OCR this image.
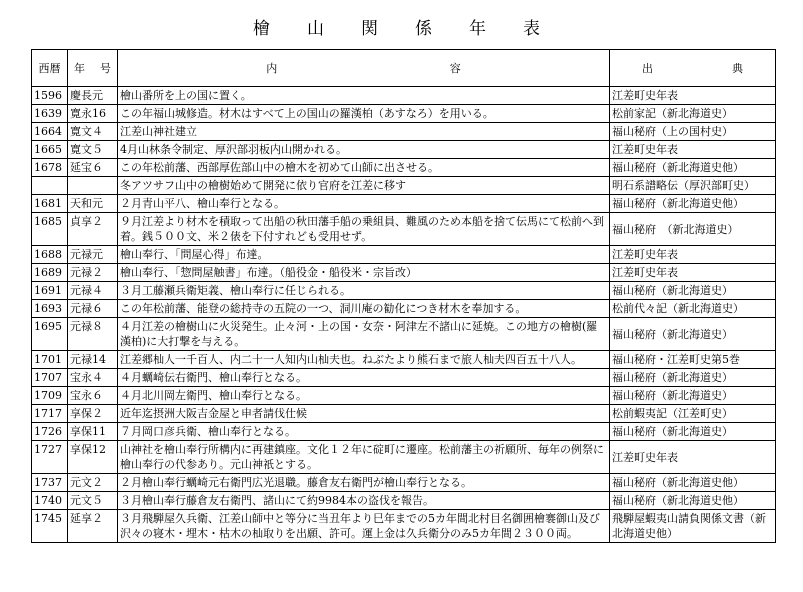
檜　山　関　係　年　表
西暦	年 号	内 容	出 典

1596	慶長元	檜山番所を上の国に置く。	江差町史年表
1639	寛永16	この年福山城修造。材木はすべて上の国山の羅漢柏（あすなろ）を用いる。	松前家記（新北海道史）
1664	寛文４	江差山神社建立	福山秘府（上の国村史）
1665	寛文５	4月山林条令制定、厚沢部羽板内山開かれる。	江差町史年表
1678	延宝６	この年松前藩、西部厚佐部山中の檜木を初めて山師に出させる。	福山秘府（新北海道史他）
		冬アツサフ山中の檜樹始めて開発に依り官府を江差に移す	明石系譜略伝（厚沢部町史）
1681	天和元	２月青山平八、檜山奉行となる。	福山秘府（新北海道史他）
1685	貞享２	９月江差より材木を積取って出船の秋田藩手船の乗組員、難風のため本船を捨て伝馬にて松前へ到着。銭５００文、米２俵を下付すれども受用せず。	福山秘府　（新北海道史）
1688	元禄元	檜山奉行、「問屋心得」布達。	江差町史年表
1689	元禄２	檜山奉行、「惣問屋触書」布達。（船役金・船役米・宗旨改）	江差町史年表
1691	元禄４	３月工藤瀬兵衛矩義、檜山奉行に任じられる。	福山秘府（新北海道史）
1693	元禄６	この年松前藩、能登の総持寺の五院の一つ、洞川庵の勧化につき材木を奉加する。	松前代々記（新北海道史）
1695	元禄８	４月江差の檜樹山に火災発生。止々河・上の国・女奈・阿津左不諸山に延焼。この地方の檜樹(羅漢柏)に大打撃を与える。	福山秘府（新北海道史）
1701	元禄14	江差郷杣人一千百人、内二十一人知内山杣夫也。ねぶたより熊石まで旅人杣夫四百五十八人。	福山秘府・江差町史第5巻
1707	宝永４	４月蠣崎伝右衛門、檜山奉行となる。	福山秘府（新北海道史）
1709	宝永６	４月北川岡左衛門、檜山奉行となる。	福山秘府（新北海道史）
1717	享保２	近年迄摂洲大阪吉金屋と申者請伐仕候	松前蝦夷記（江差町史）
1726	享保11	７月岡口彦兵衛、檜山奉行となる。	福山秘府（新北海道史）
1727	享保12	山神社を檜山奉行所構内に再建鎮座。文化１２年に碇町に遷座。松前藩主の祈願所、毎年の例祭に檜山奉行の代参あり。元山神祇とする。	江差町史年表
1737	元文２	２月檜山奉行蠣崎元右衛門広光退職。藤倉友右衛門が檜山奉行となる。	福山秘府（新北海道史他）
1740	元文５	３月檜山奉行藤倉友右衛門、諸山にて約9984本の盗伐を報告。	福山秘府（新北海道史他）
1745	延享２	３月飛騨屋久兵衛、江差山師中と等分に当丑年より巳年までの5カ年間北村目名御囲檜褰御山及び沢々の寝木・埋木・枯木の杣取りを出願、許可。運上金は久兵衛分のみ5カ年間２３００両。	飛騨屋蝦夷山請負関係文書（新北海道史他）
